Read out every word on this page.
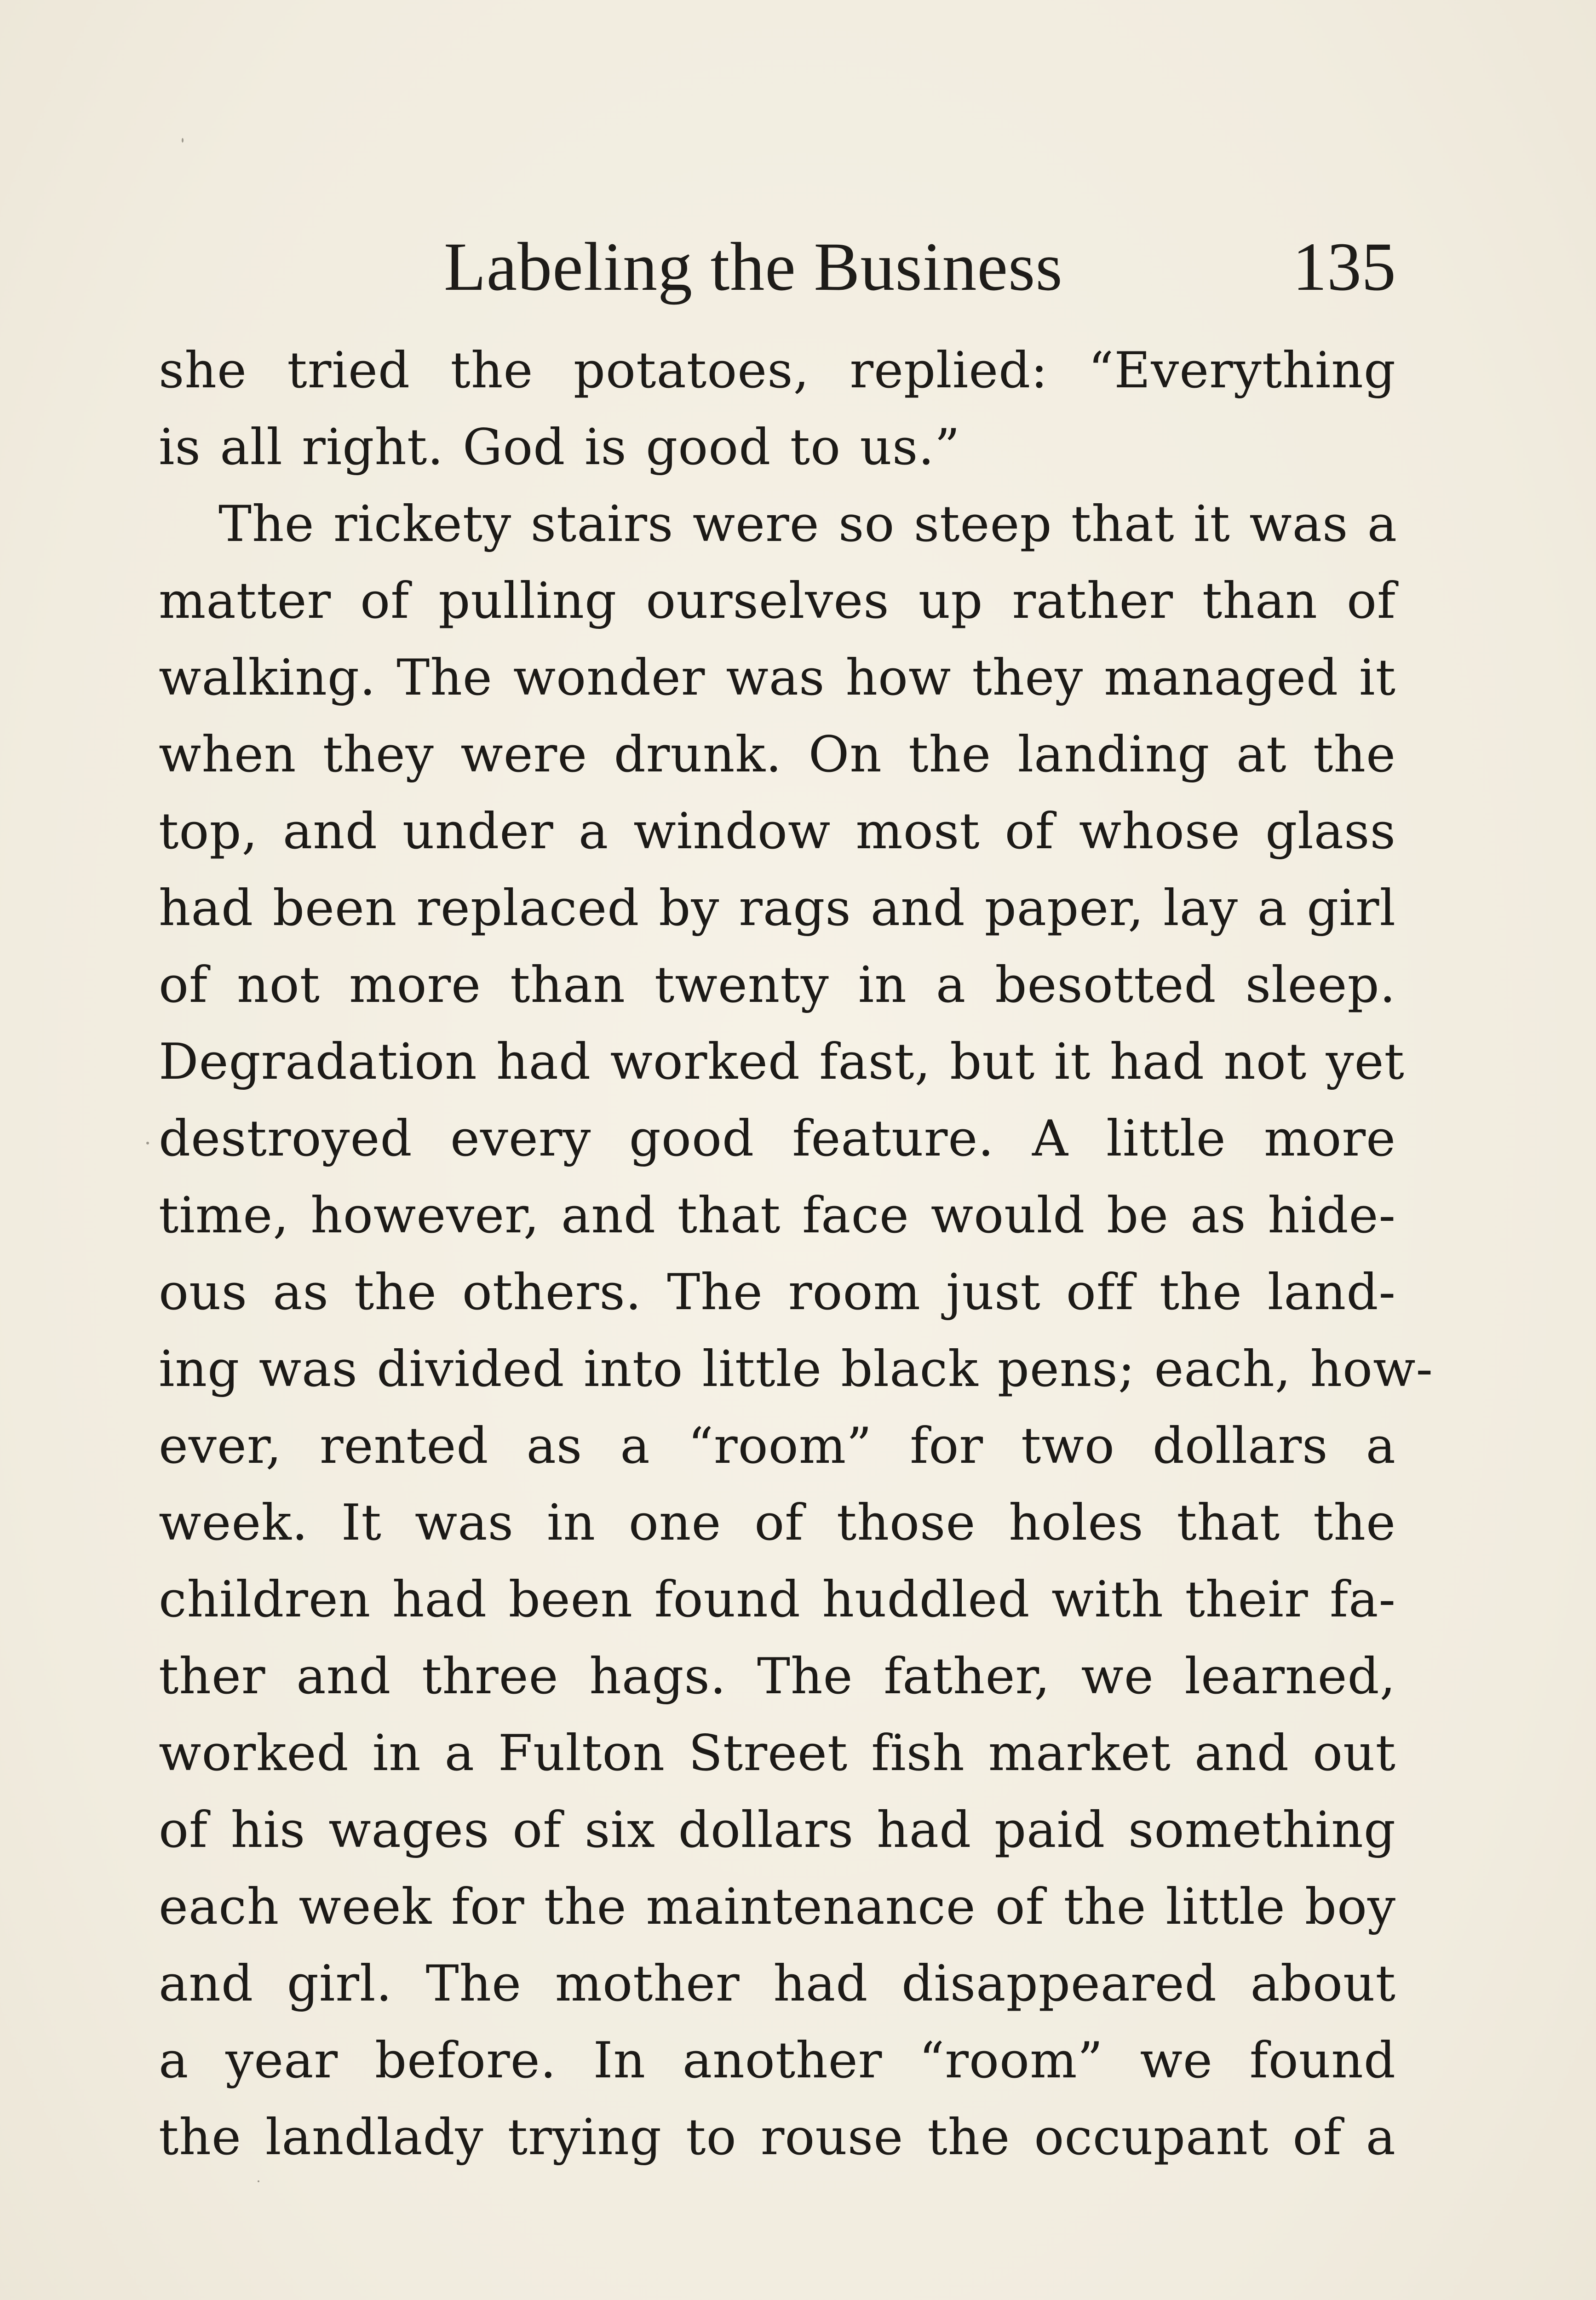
Labeling the Business	135
she tried the potatoes, replied: “Everything
is all right. God is good to us.”
The rickety stairs were so steep that it was a
matter of pulling ourselves up rather than of
walking. The wonder was how they managed it
when they were drunk. On the landing at the
top, and under a window most of whose glass
had been replaced by rags and paper, lay a girl
of not more than twenty in a besotted sleep.
Degradation had worked fast, but it had not yet
destroyed every good feature. A little more
time, however, and that face would be as hide-
ous as the others. The room just off the land-
ing was divided into little black pens; each, how-
ever, rented as a “room” for two dollars a
week. It was in one of those holes that the
children had been found huddled with their fa-
ther and three hags. The father, we learned,
worked in a Fulton Street fish market and out
of his wages of six dollars had paid something
each week for the maintenance of the little boy
and girl. The mother had disappeared about
a year before. In another “room” we found
the landlady trying to rouse the occupant of a
